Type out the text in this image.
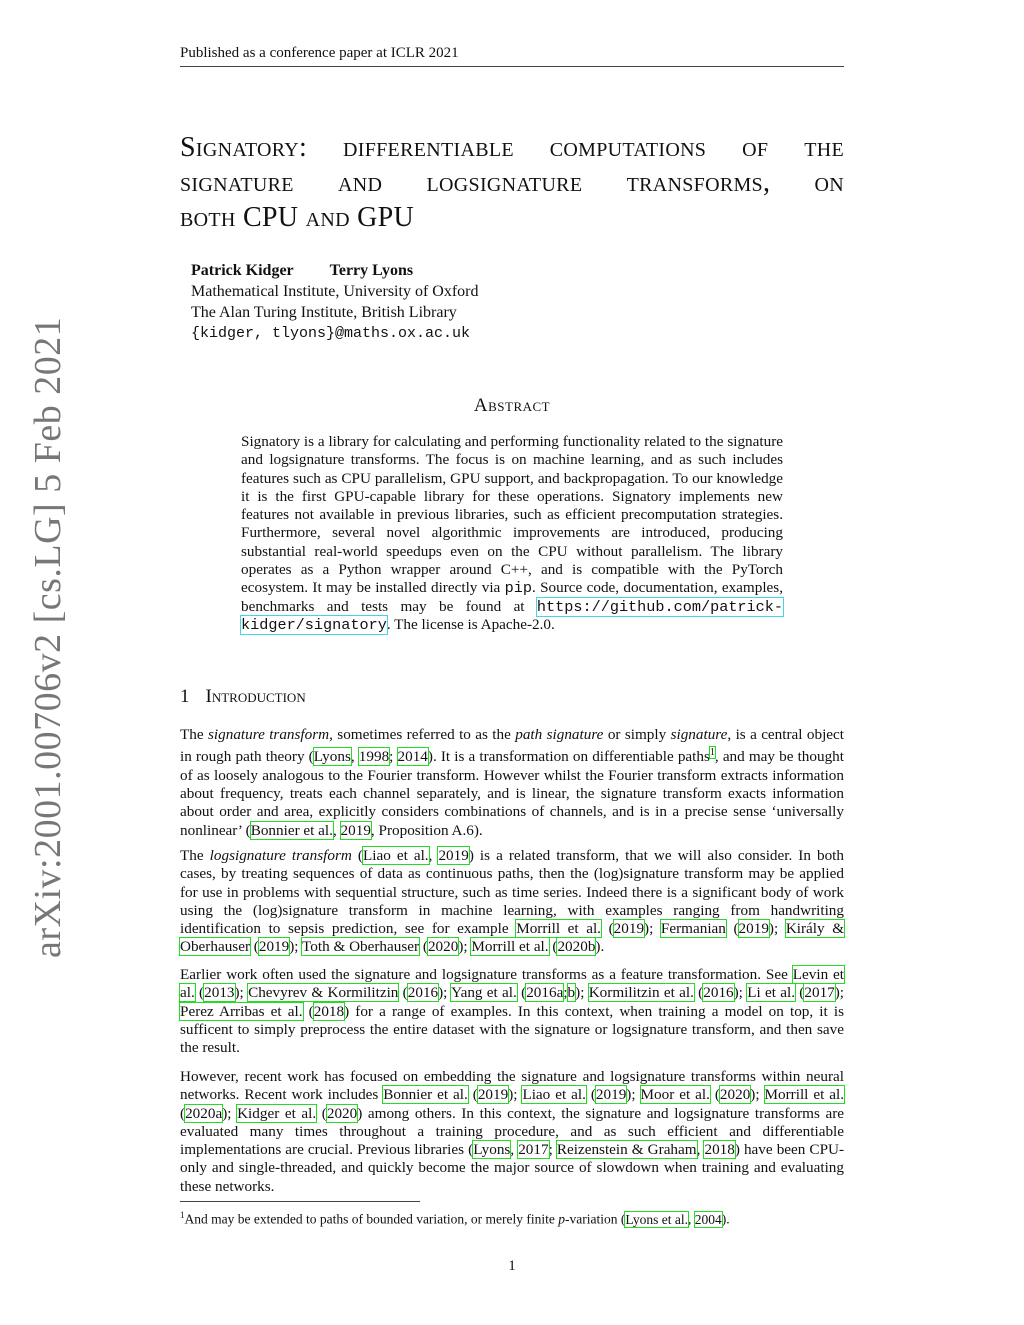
Published as a conference paper at ICLR 2021
Signatory: differentiable computations of the
signature and logsignature transforms, on
both CPU and GPU
Patrick Kidger Terry Lyons
Mathematical Institute, University of Oxford
The Alan Turing Institute, British Library
{kidger, tlyons}@maths.ox.ac.uk
arXiv:2001.00706v2 [cs.LG] 5 Feb 2021	Abstract

Signatory is a library for calculating and performing functionality related to the signature and logsignature transforms. The focus is on machine learning, and as such includes features such as CPU parallelism, GPU support, and backpropagation. To our knowledge it is the first GPU-capable library for these operations. Signatory implements new features not available in previous libraries, such as efficient precomputation strategies. Furthermore, several novel algorithmic improvements are introduced, producing substantial real-world speedups even on the CPU without parallelism. The library operates as a Python wrapper around C++, and is compatible with the PyTorch ecosystem. It may be installed directly via pip. Source code, documentation, examples, benchmarks and tests may be found at https://github.com/patrick-kidger/signatory. The license is Apache-2.0.

1 Introduction

The signature transform, sometimes referred to as the path signature or simply signature, is a central object in rough path theory (Lyons, 1998; 2014). It is a transformation on differentiable paths$^1$, and may be thought of as loosely analogous to the Fourier transform. However whilst the Fourier transform extracts information about frequency, treats each channel separately, and is linear, the signature transform exacts information about order and area, explicitly considers combinations of channels, and is in a precise sense ‘universally nonlinear’ (Bonnier et al., 2019, Proposition A.6).

The logsignature transform (Liao et al., 2019) is a related transform, that we will also consider. In both cases, by treating sequences of data as continuous paths, then the (log)signature transform may be applied for use in problems with sequential structure, such as time series. Indeed there is a significant body of work using the (log)signature transform in machine learning, with examples ranging from handwriting identification to sepsis prediction, see for example Morrill et al. (2019); Fermanian (2019); Király & Oberhauser (2019); Toth & Oberhauser (2020); Morrill et al. (2020b).

Earlier work often used the signature and logsignature transforms as a feature transformation. See Levin et al. (2013); Chevyrev & Kormilitzin (2016); Yang et al. (2016a;b); Kormilitzin et al. (2016); Li et al. (2017); Perez Arribas et al. (2018) for a range of examples. In this context, when training a model on top, it is sufficent to simply preprocess the entire dataset with the signature or logsignature transform, and then save the result.

However, recent work has focused on embedding the signature and logsignature transforms within neural networks. Recent work includes Bonnier et al. (2019); Liao et al. (2019); Moor et al. (2020); Morrill et al. (2020a); Kidger et al. (2020) among others. In this context, the signature and logsignature transforms are evaluated many times throughout a training procedure, and as such efficient and differentiable implementations are crucial. Previous libraries (Lyons, 2017; Reizenstein & Graham, 2018) have been CPU-only and single-threaded, and quickly become the major source of slowdown when training and evaluating these networks.

$^1$And may be extended to paths of bounded variation, or merely finite p-variation (Lyons et al., 2004).
1
